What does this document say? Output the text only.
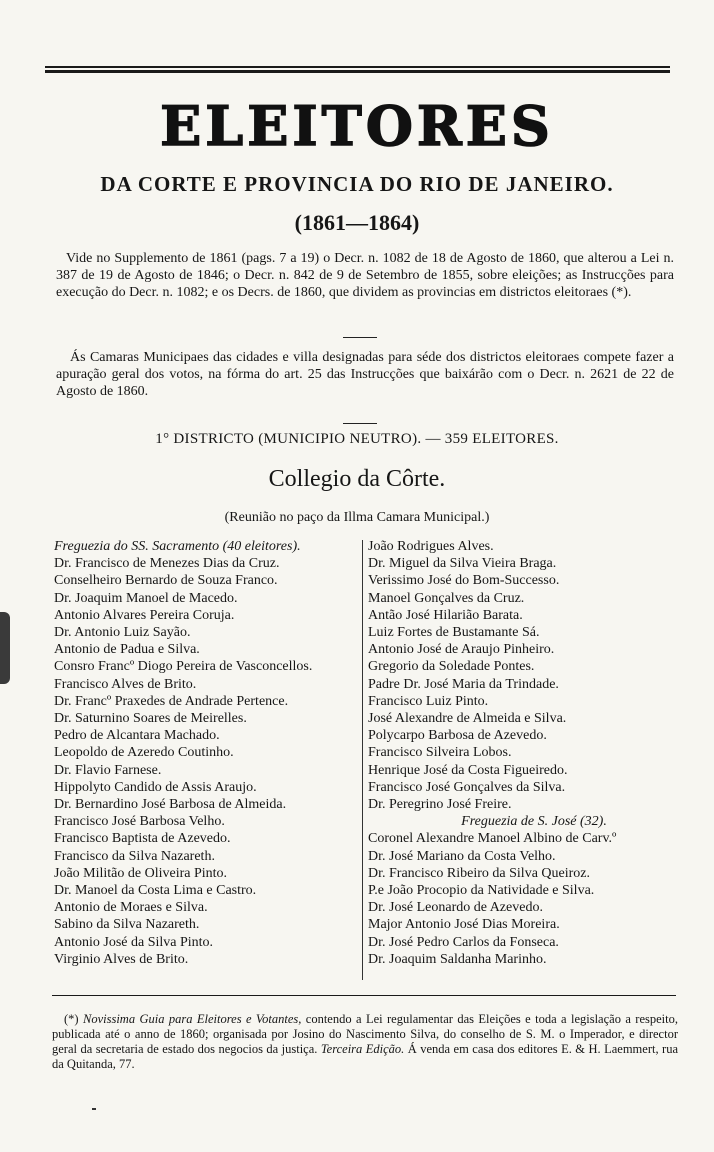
ELEITORES
DA CORTE E PROVINCIA DO RIO DE JANEIRO.
(1861—1864)

Vide no Supplemento de 1861 (pags. 7 a 19) o Decr. n. 1082 de 18 de Agosto de 1860, que alterou a Lei n. 387 de 19 de Agosto de 1846; o Decr. n. 842 de 9 de Setembro de 1855, sobre eleições; as Instrucções para execução do Decr. n. 1082; e os Decrs. de 1860, que dividem as provincias em districtos eleitoraes (*).

Ás Camaras Municipaes das cidades e villa designadas para séde dos districtos eleitoraes compete fazer a apuração geral dos votos, na fórma do art. 25 das Instrucções que baixárão com o Decr. n. 2621 de 22 de Agosto de 1860.

1° DISTRICTO (MUNICIPIO NEUTRO). — 359 ELEITORES.
Collegio da Côrte.
(Reunião no paço da Illma Camara Municipal.)
Freguezia do SS. Sacramento (40 eleitores).
Dr. Francisco de Menezes Dias da Cruz.
Conselheiro Bernardo de Souza Franco.
Dr. Joaquim Manoel de Macedo.
Antonio Alvares Pereira Coruja.
Dr. Antonio Luiz Sayão.
Antonio de Padua e Silva.
Consro Francº Diogo Pereira de Vasconcellos.
Francisco Alves de Brito.
Dr. Francº Praxedes de Andrade Pertence.
Dr. Saturnino Soares de Meirelles.
Pedro de Alcantara Machado.
Leopoldo de Azeredo Coutinho.
Dr. Flavio Farnese.
Hippolyto Candido de Assis Araujo.
Dr. Bernardino José Barbosa de Almeida.
Francisco José Barbosa Velho.
Francisco Baptista de Azevedo.
Francisco da Silva Nazareth.
João Militão de Oliveira Pinto.
Dr. Manoel da Costa Lima e Castro.
Antonio de Moraes e Silva.
Sabino da Silva Nazareth.
Antonio José da Silva Pinto.
Virginio Alves de Brito.
João Rodrigues Alves.
Dr. Miguel da Silva Vieira Braga.
Verissimo José do Bom-Successo.
Manoel Gonçalves da Cruz.
Antão José Hilarião Barata.
Luiz Fortes de Bustamante Sá.
Antonio José de Araujo Pinheiro.
Gregorio da Soledade Pontes.
Padre Dr. José Maria da Trindade.
Francisco Luiz Pinto.
José Alexandre de Almeida e Silva.
Polycarpo Barbosa de Azevedo.
Francisco Silveira Lobos.
Henrique José da Costa Figueiredo.
Francisco José Gonçalves da Silva.
Dr. Peregrino José Freire.
Freguezia de S. José (32).
Coronel Alexandre Manoel Albino de Carv.º
Dr. José Mariano da Costa Velho.
Dr. Francisco Ribeiro da Silva Queiroz.
P.e João Procopio da Natividade e Silva.
Dr. José Leonardo de Azevedo.
Major Antonio José Dias Moreira.
Dr. José Pedro Carlos da Fonseca.
Dr. Joaquim Saldanha Marinho.

(*) Novissima Guia para Eleitores e Votantes, contendo a Lei regulamentar das Eleições e toda a legislação a respeito, publicada até o anno de 1860; organisada por Josino do Nascimento Silva, do conselho de S. M. o Imperador, e director geral da secretaria de estado dos negocios da justiça. Terceira Edição. Á venda em casa dos editores E. & H. Laemmert, rua da Quitanda, 77.
